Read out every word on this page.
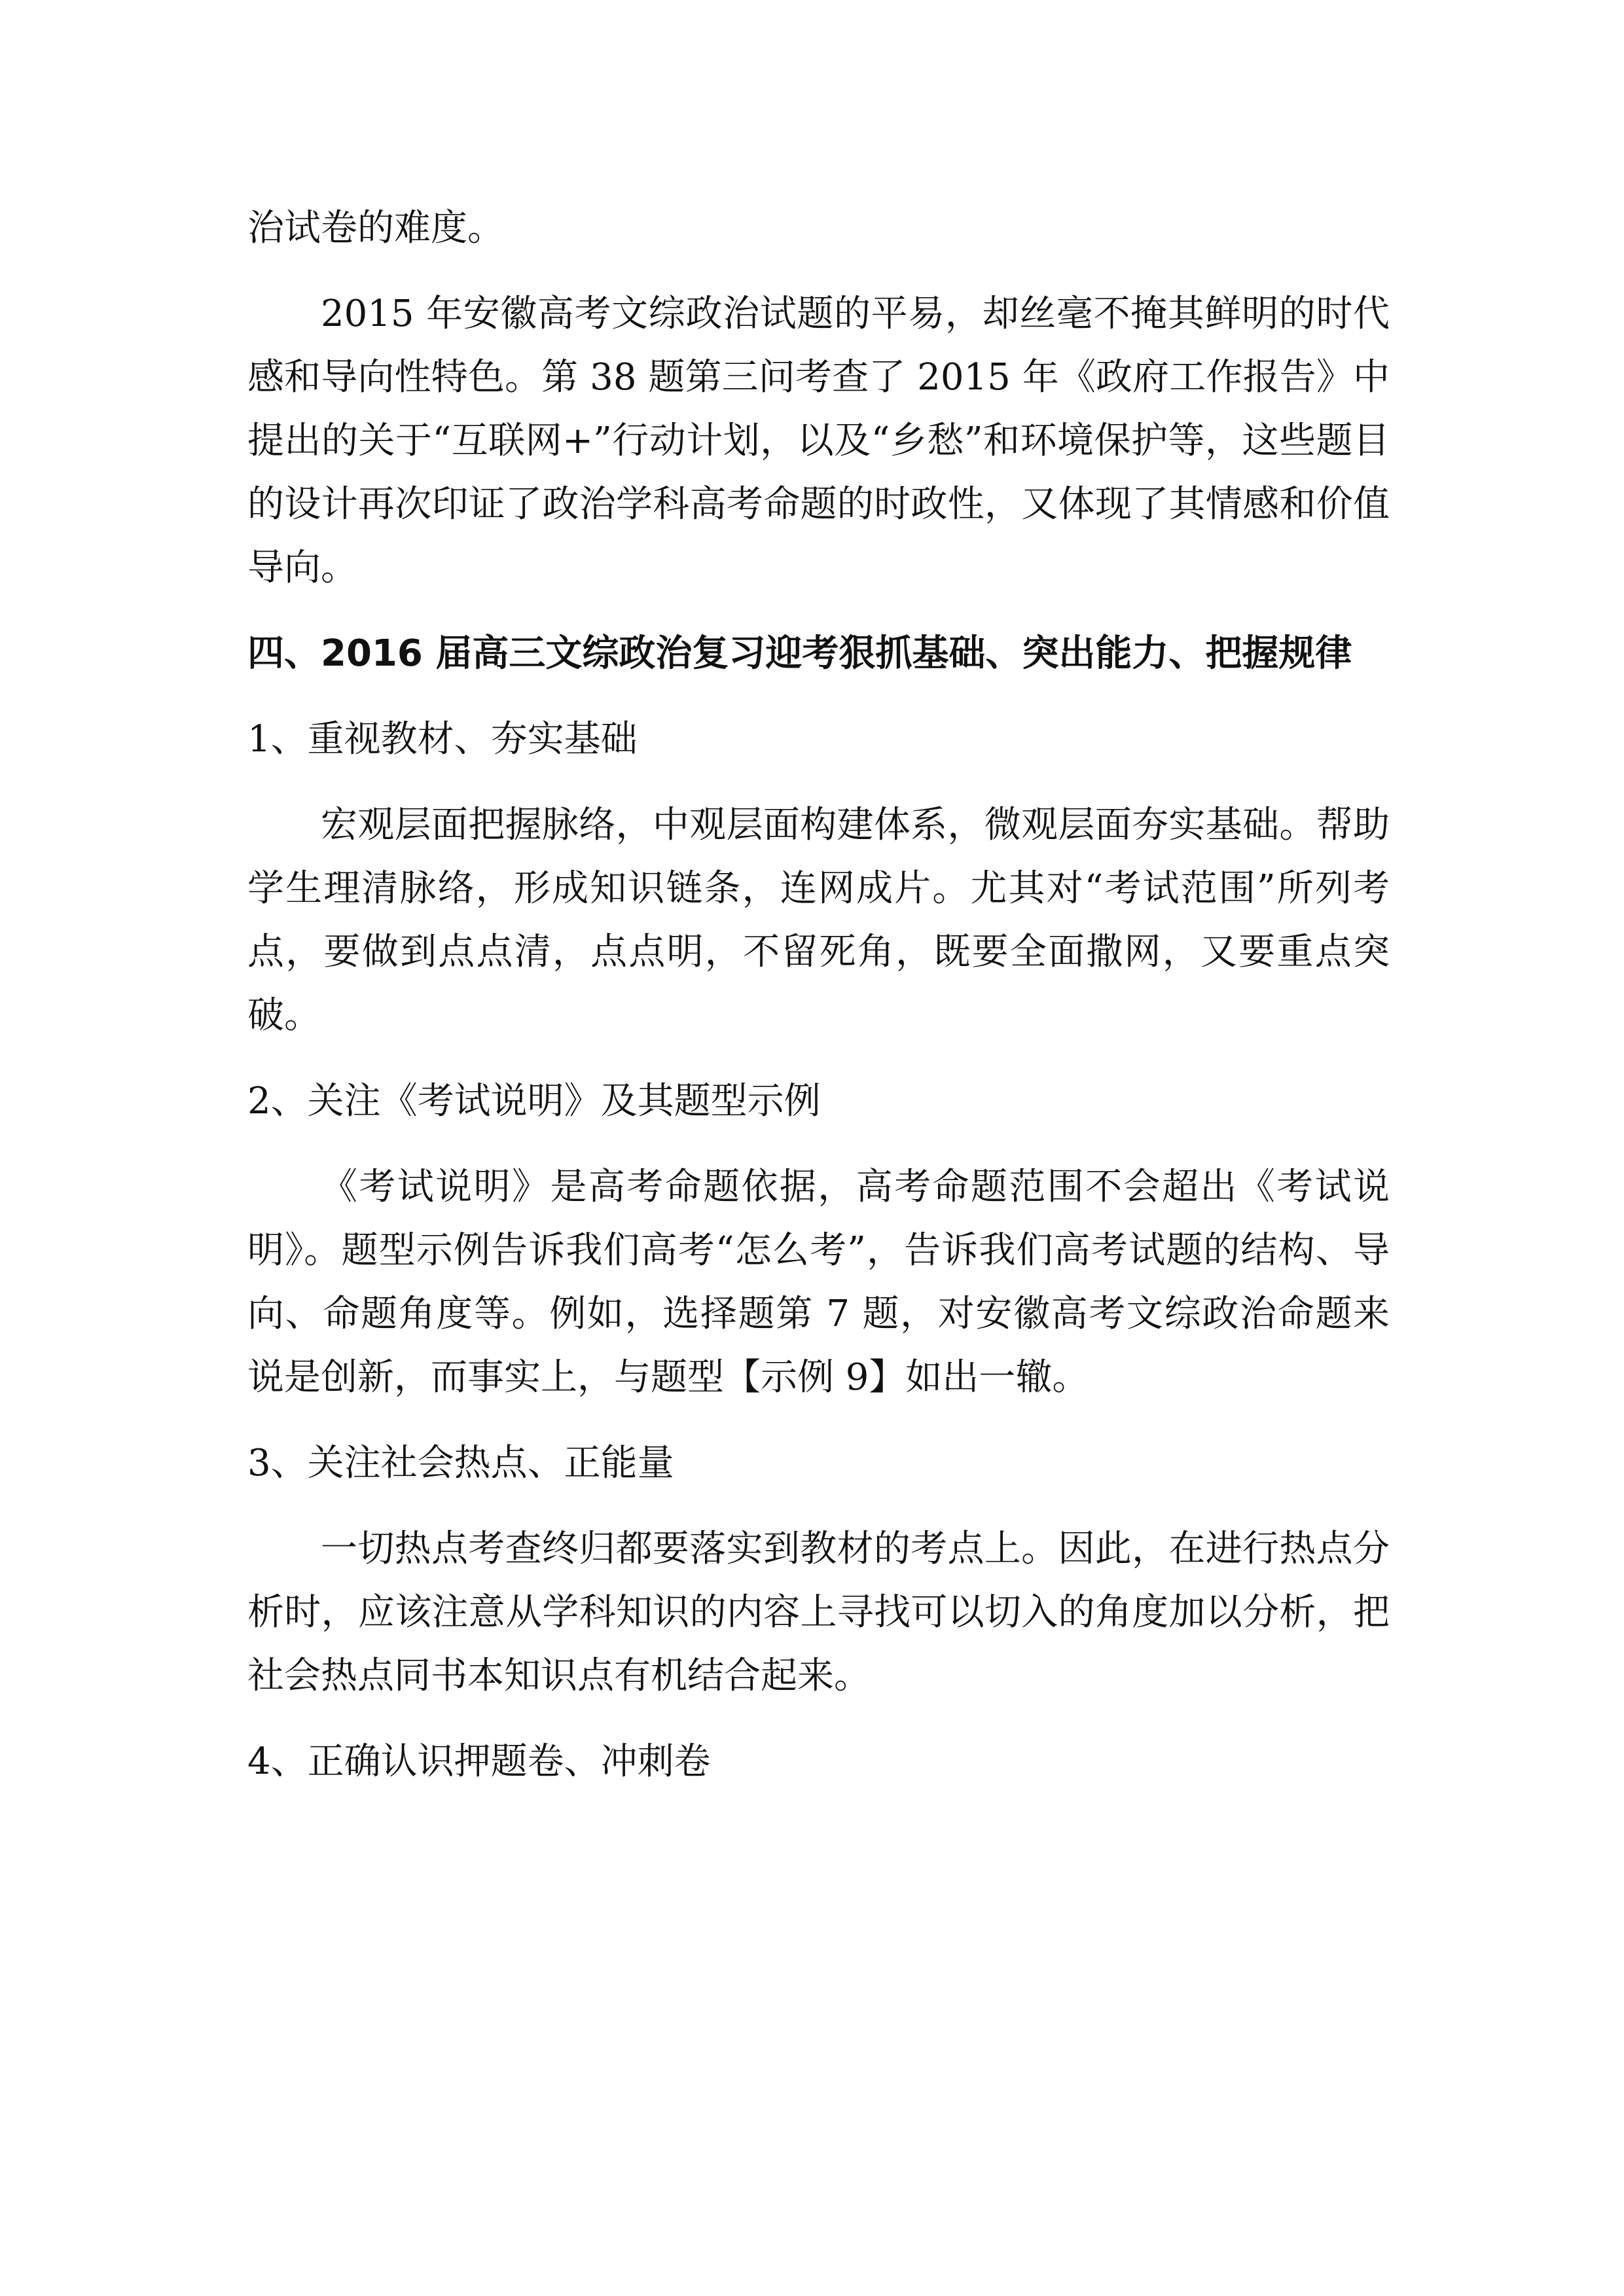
治试卷的难度。

2015 年安徽高考文综政治试题的平易，却丝毫不掩其鲜明的时代感和导向性特色。第 38 题第三问考查了 2015 年《政府工作报告》中提出的关于“互联网+”行动计划，以及“乡愁”和环境保护等，这些题目的设计再次印证了政治学科高考命题的时政性，又体现了其情感和价值导向。

四、2016 届高三文综政治复习迎考狠抓基础、突出能力、把握规律

1、重视教材、夯实基础

宏观层面把握脉络，中观层面构建体系，微观层面夯实基础。帮助学生理清脉络，形成知识链条，连网成片。尤其对“考试范围”所列考点，要做到点点清，点点明，不留死角，既要全面撒网，又要重点突破。

2、关注《考试说明》及其题型示例

《考试说明》是高考命题依据，高考命题范围不会超出《考试说明》。题型示例告诉我们高考“怎么考”，告诉我们高考试题的结构、导向、命题角度等。例如，选择题第 7 题，对安徽高考文综政治命题来说是创新，而事实上，与题型【示例 9】如出一辙。

3、关注社会热点、正能量

一切热点考查终归都要落实到教材的考点上。因此，在进行热点分析时，应该注意从学科知识的内容上寻找可以切入的角度加以分析，把社会热点同书本知识点有机结合起来。

4、正确认识押题卷、冲刺卷
